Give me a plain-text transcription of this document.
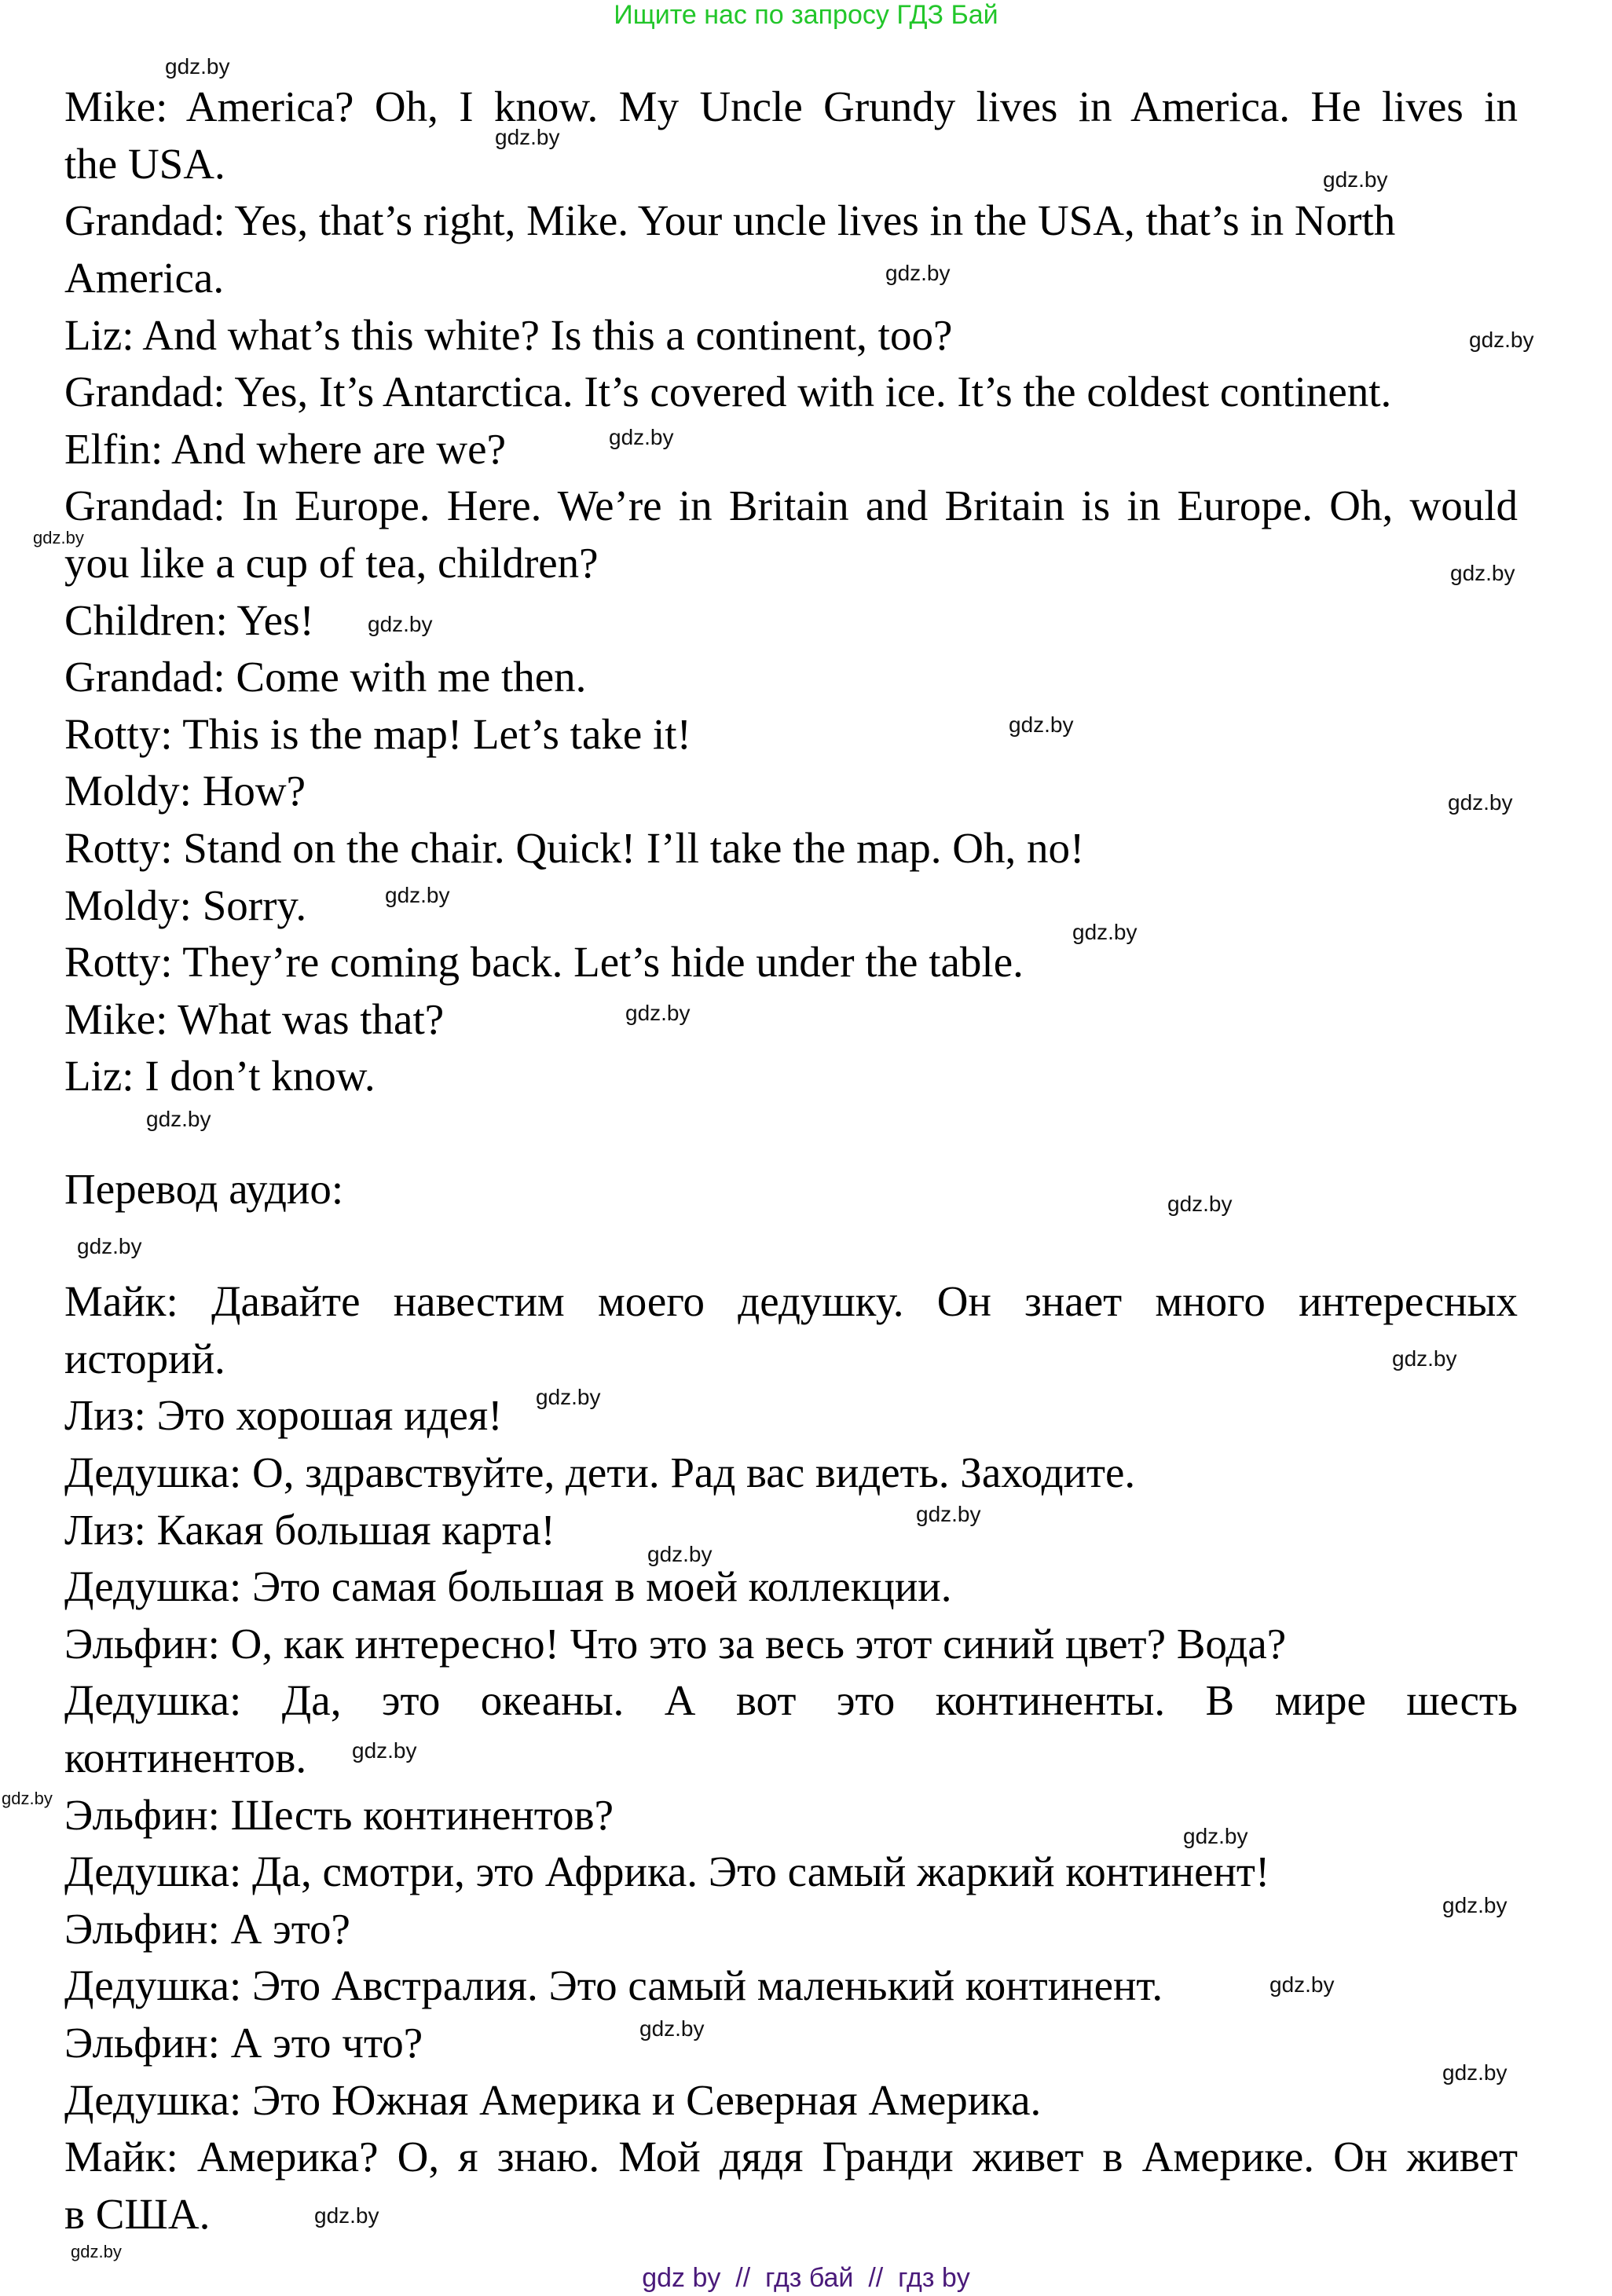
Ищите нас по запросу ГДЗ Бай
Mike: America? Oh, I know. My Uncle Grundy lives in America. He lives in
the USA.
Grandad: Yes, that’s right, Mike. Your uncle lives in the USA, that’s in North
America.
Liz: And what’s this white? Is this a continent, too?
Grandad: Yes, It’s Antarctica. It’s covered with ice. It’s the coldest continent.
Elfin: And where are we?
Grandad: In Europe. Here. We’re in Britain and Britain is in Europe. Oh, would
you like a cup of tea, children?
Children: Yes!
Grandad: Come with me then.
Rotty: This is the map! Let’s take it!
Moldy: How?
Rotty: Stand on the chair. Quick! I’ll take the map. Oh, no!
Moldy: Sorry.
Rotty: They’re coming back. Let’s hide under the table.
Mike: What was that?
Liz: I don’t know.
Перевод аудио:
Майк: Давайте навестим моего дедушку. Он знает много интересных
историй.
Лиз: Это хорошая идея!
Дедушка: О, здравствуйте, дети. Рад вас видеть. Заходите.
Лиз: Какая большая карта!
Дедушка: Это самая большая в моей коллекции.
Эльфин: О, как интересно! Что это за весь этот синий цвет? Вода?
Дедушка: Да, это океаны. А вот это континенты. В мире шесть
континентов.
Эльфин: Шесть континентов?
Дедушка: Да, смотри, это Африка. Это самый жаркий континент!
Эльфин: А это?
Дедушка: Это Австралия. Это самый маленький континент.
Эльфин: А это что?
Дедушка: Это Южная Америка и Северная Америка.
Майк: Америка? О, я знаю. Мой дядя Гранди живет в Америке. Он живет
в США.
gdz.by
gdz.by
gdz.by
gdz.by
gdz.by
gdz.by
gdz.by
gdz.by
gdz.by
gdz.by
gdz.by
gdz.by
gdz.by
gdz.by
gdz.by
gdz.by
gdz.by
gdz.by
gdz.by
gdz.by
gdz.by
gdz.by
gdz.by
gdz.by
gdz.by
gdz.by
gdz.by
gdz.by
gdz.by
gdz.by
gdz by  //  гдз бай  //  гдз by
